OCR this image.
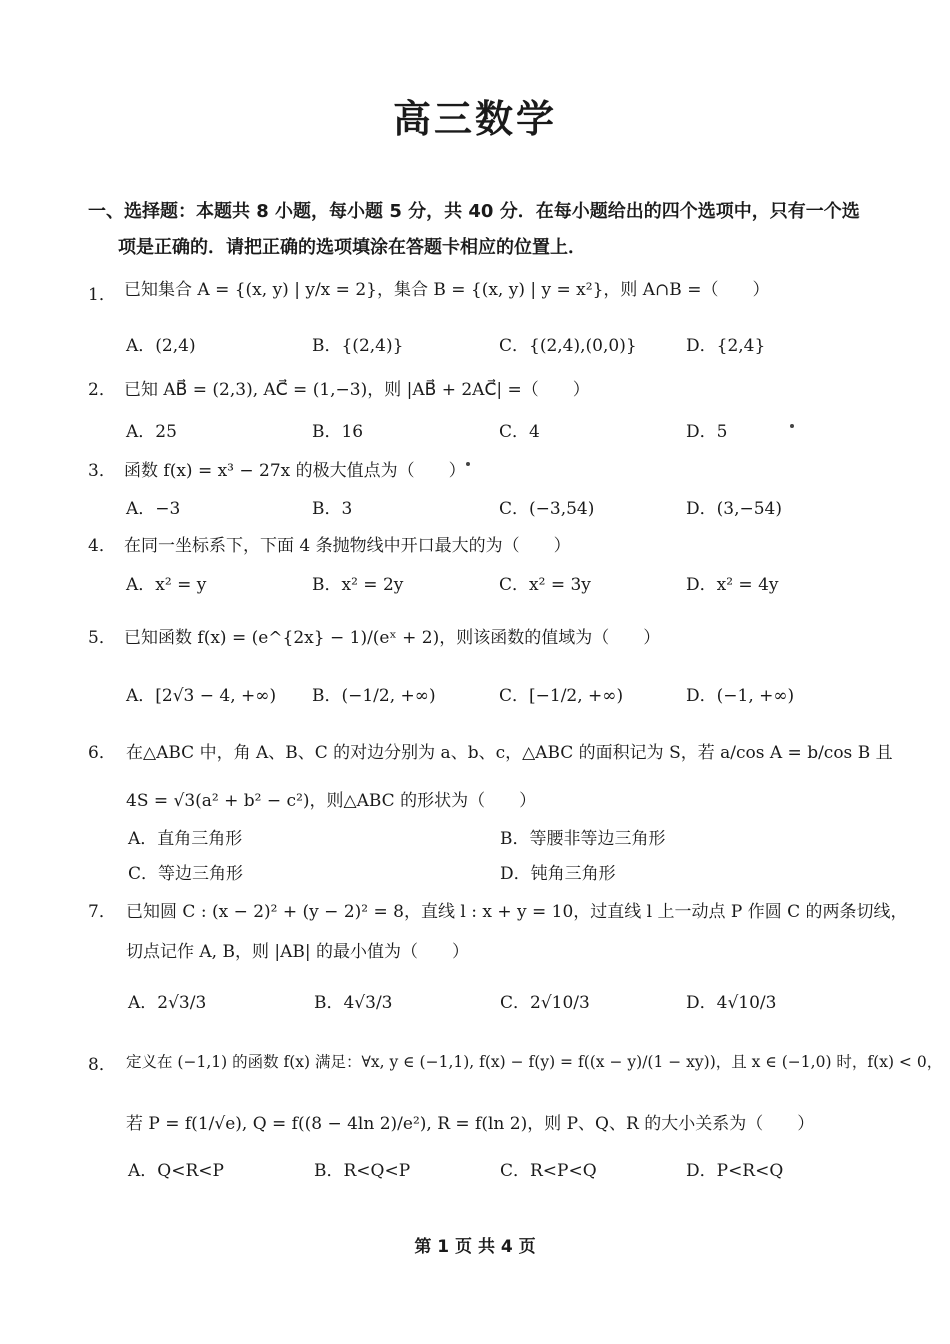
高三数学
一、选择题：本题共 8 小题，每小题 5 分，共 40 分．在每小题给出的四个选项中，只有一个选
项是正确的．请把正确的选项填涂在答题卡相应的位置上．
1． 已知集合 A = {(x, y) | y/x = 2}，集合 B = {(x, y) | y = x²}，则 A∩B =（　　）
A．(2,4)	B．{(2,4)}	C．{(2,4),(0,0)}	D．{2,4}
2． 已知 AB⃗ = (2,3), AC⃗ = (1,−3)，则 |AB⃗ + 2AC⃗| =（　　）
A．25	B．16	C．4	D．5
3． 函数 f(x) = x³ − 27x 的极大值点为（　　）
A．−3	B．3	C．(−3,54)	D．(3,−54)
4． 在同一坐标系下，下面 4 条抛物线中开口最大的为（　　）
A．x² = y	B．x² = 2y	C．x² = 3y	D．x² = 4y
5． 已知函数 f(x) = (e^{2x} − 1)/(eˣ + 2)，则该函数的值域为（　　）
A．[2√3 − 4, +∞) B．(−1/2, +∞)	C．[−1/2, +∞)	D．(−1, +∞)
6． 在△ABC 中，角 A、B、C 的对边分别为 a、b、c，△ABC 的面积记为 S，若 a/cos A = b/cos B 且
4S = √3(a² + b² − c²)，则△ABC 的形状为（　　）
A．直角三角形	B．等腰非等边三角形
C．等边三角形	D．钝角三角形
7． 已知圆 C : (x − 2)² + (y − 2)² = 8，直线 l : x + y = 10，过直线 l 上一动点 P 作圆 C 的两条切线，
切点记作 A, B，则 |AB| 的最小值为（　　）
A．2√3/3	B．4√3/3	C．2√10/3	D．4√10/3
8． 定义在 (−1,1) 的函数 f(x) 满足：∀x, y ∈ (−1,1), f(x) − f(y) = f((x − y)/(1 − xy))，且 x ∈ (−1,0) 时，f(x) < 0，
若 P = f(1/√e), Q = f((8 − 4ln 2)/e²), R = f(ln 2)，则 P、Q、R 的大小关系为（　　）
A．Q<R<P	B．R<Q<P	C．R<P<Q	D．P<R<Q
第 1 页 共 4 页
